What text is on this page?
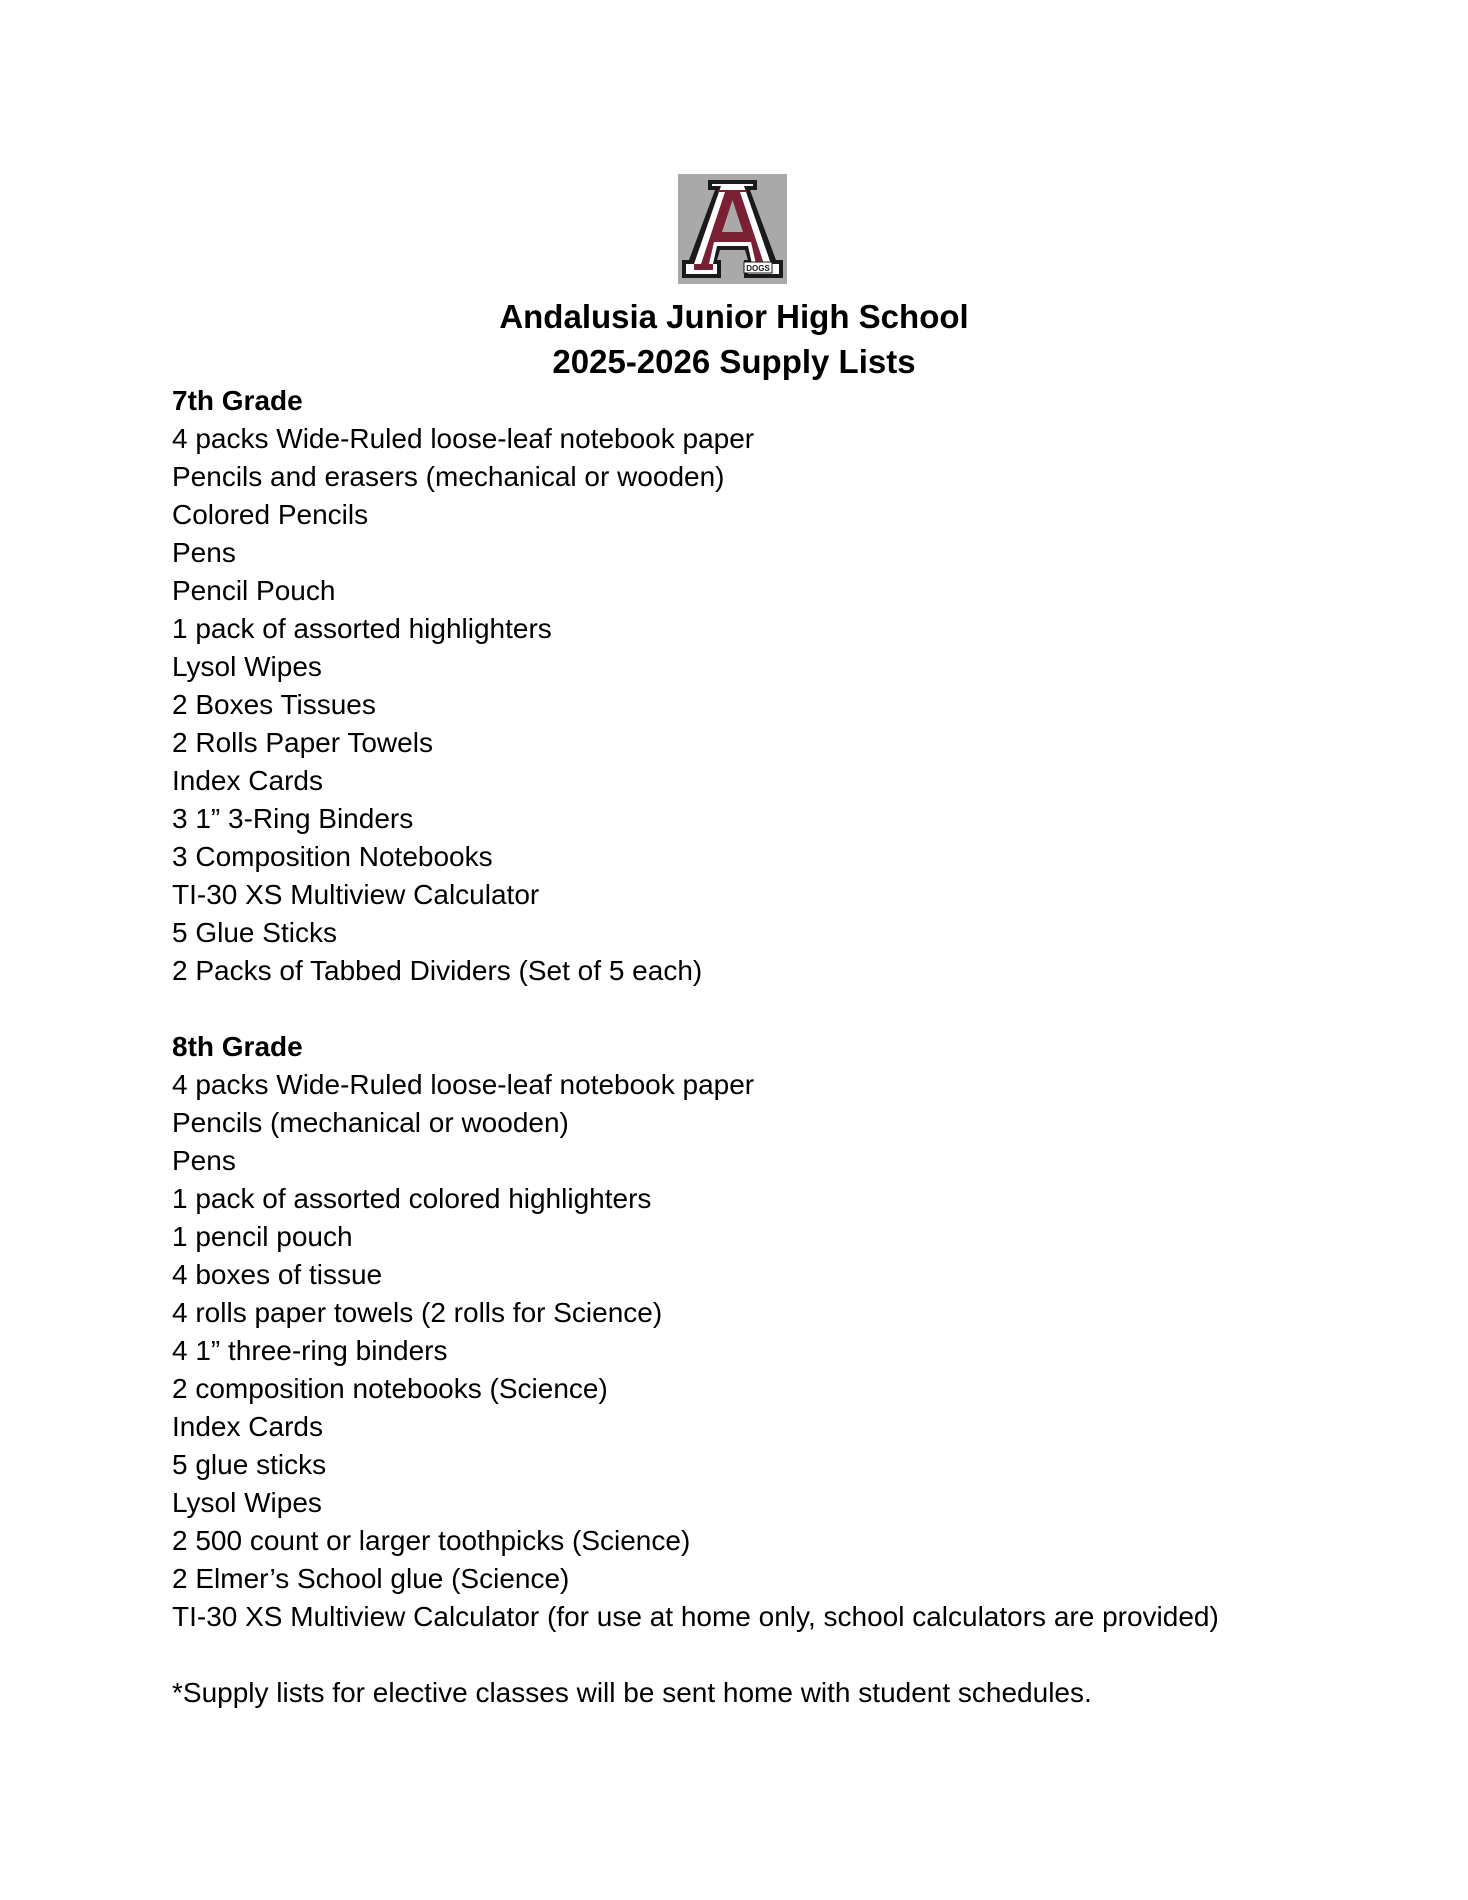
DOGS

Andalusia Junior High School

2025-2026 Supply Lists

7th Grade

4 packs Wide-Ruled loose-leaf notebook paper
Pencils and erasers (mechanical or wooden)
Colored Pencils
Pens
Pencil Pouch
1 pack of assorted highlighters
Lysol Wipes
2 Boxes Tissues
2 Rolls Paper Towels
Index Cards
3 1” 3-Ring Binders
3 Composition Notebooks
TI-30 XS Multiview Calculator
5 Glue Sticks
2 Packs of Tabbed Dividers (Set of 5 each)

8th Grade

4 packs Wide-Ruled loose-leaf notebook paper
Pencils (mechanical or wooden)
Pens
1 pack of assorted colored highlighters
1 pencil pouch
4 boxes of tissue
4 rolls paper towels (2 rolls for Science)
4 1” three-ring binders
2 composition notebooks (Science)
Index Cards
5 glue sticks
Lysol Wipes
2 500 count or larger toothpicks (Science)
2 Elmer’s School glue (Science)
TI-30 XS Multiview Calculator (for use at home only, school calculators are provided)

*Supply lists for elective classes will be sent home with student schedules.
